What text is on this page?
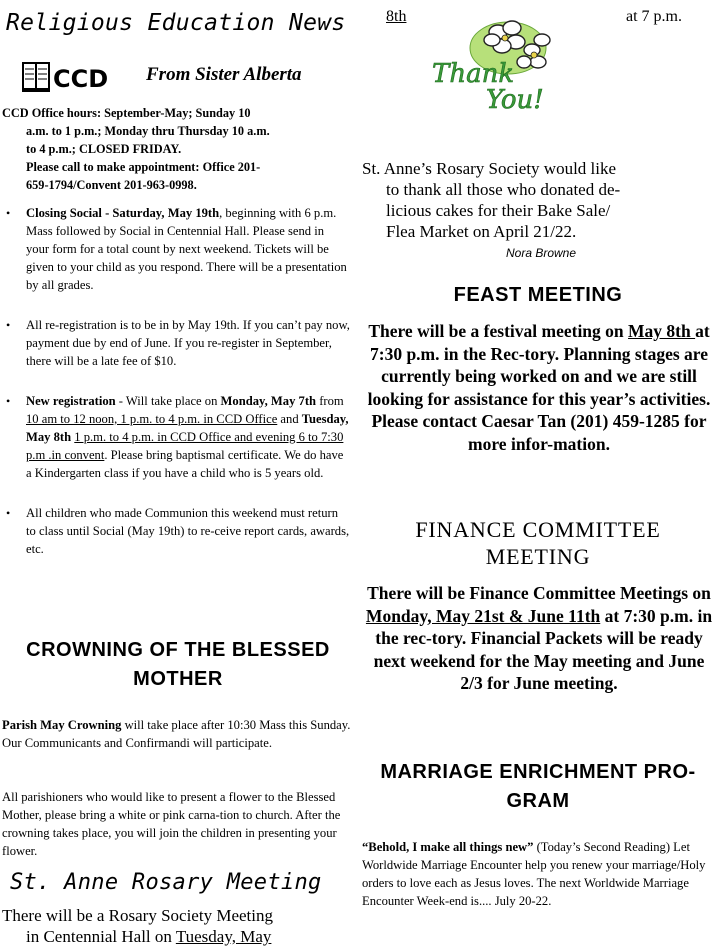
Religious Education News
CCD From Sister Alberta
CCD Office hours: September-May; Sunday 10
a.m. to 1 p.m.; Monday thru Thursday 10 a.m.
to 4 p.m.; CLOSED FRIDAY.
Please call to make appointment: Office 201-
659-1794/Convent 201-963-0998.
• Closing Social - Saturday, May 19th, beginning with 6 p.m. Mass followed by Social in Centennial Hall. Please send in your form for a total count by next weekend. Tickets will be given to your child as you respond. There will be a presentation by all grades.
• All re-registration is to be in by May 19th. If you can’t pay now, payment due by end of June. If you re-register in September, there will be a late fee of $10.
• New registration - Will take place on Monday, May 7th from 10 am to 12 noon, 1 p.m. to 4 p.m. in CCD Office and Tuesday, May 8th 1 p.m. to 4 p.m. in CCD Office and evening 6 to 7:30 p.m .in convent. Please bring baptismal certificate. We do have a Kindergarten class if you have a child who is 5 years old.
• All children who made Communion this weekend must return to class until Social (May 19th) to re-ceive report cards, awards, etc.
CROWNING OF THE BLESSED
MOTHER
Parish May Crowning will take place after 10:30 Mass this Sunday. Our Communicants and Confirmandi will participate.
All parishioners who would like to present a flower to the Blessed Mother, please bring a white or pink carna-tion to church. After the crowning takes place, you will join the children in presenting your flower.
St. Anne Rosary Meeting
There will be a Rosary Society Meeting
in Centennial Hall on Tuesday, May
8th	at 7 p.m.
Thank
You!
St. Anne’s Rosary Society would like
to thank all those who donated de-
licious cakes for their Bake Sale/
Flea Market on April 21/22.
Nora Browne
FEAST MEETING
There will be a festival meeting on May 8th at 7:30 p.m. in the Rec-tory. Planning stages are currently being worked on and we are still looking for assistance for this year’s activities. Please contact Caesar Tan (201) 459-1285 for more infor-mation.
FINANCE COMMITTEE
MEETING
There will be Finance Committee Meetings on Monday, May 21st & June 11th at 7:30 p.m. in the rec-tory. Financial Packets will be ready next weekend for the May meeting and June 2/3 for June meeting.
MARRIAGE ENRICHMENT PRO-
GRAM
“Behold, I make all things new” (Today’s Second Reading) Let Worldwide Marriage Encounter help you renew your marriage/Holy orders to love each as Jesus loves. The next Worldwide Marriage Encounter Week-end is.... July 20-22.
